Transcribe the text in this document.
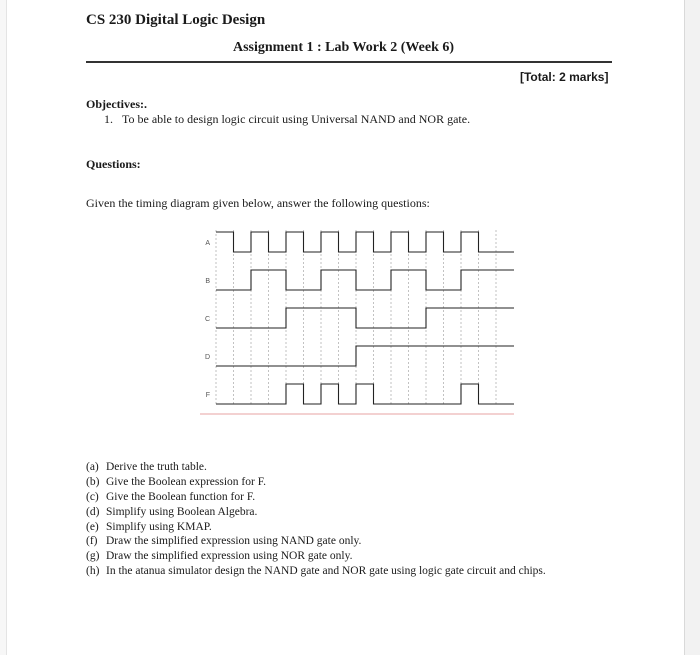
CS 230 Digital Logic Design
Assignment 1 : Lab Work 2 (Week 6)
[Total: 2 marks]
Objectives:.
1. To be able to design logic circuit using Universal NAND and NOR gate.
Questions:
Given the timing diagram given below, answer the following questions:
A
B
C
D
F
(a) Derive the truth table.
(b) Give the Boolean expression for F.
(c) Give the Boolean function for F.
(d) Simplify using Boolean Algebra.
(e) Simplify using KMAP.
(f) Draw the simplified expression using NAND gate only.
(g) Draw the simplified expression using NOR gate only.
(h) In the atanua simulator design the NAND gate and NOR gate using logic gate circuit and chips.
